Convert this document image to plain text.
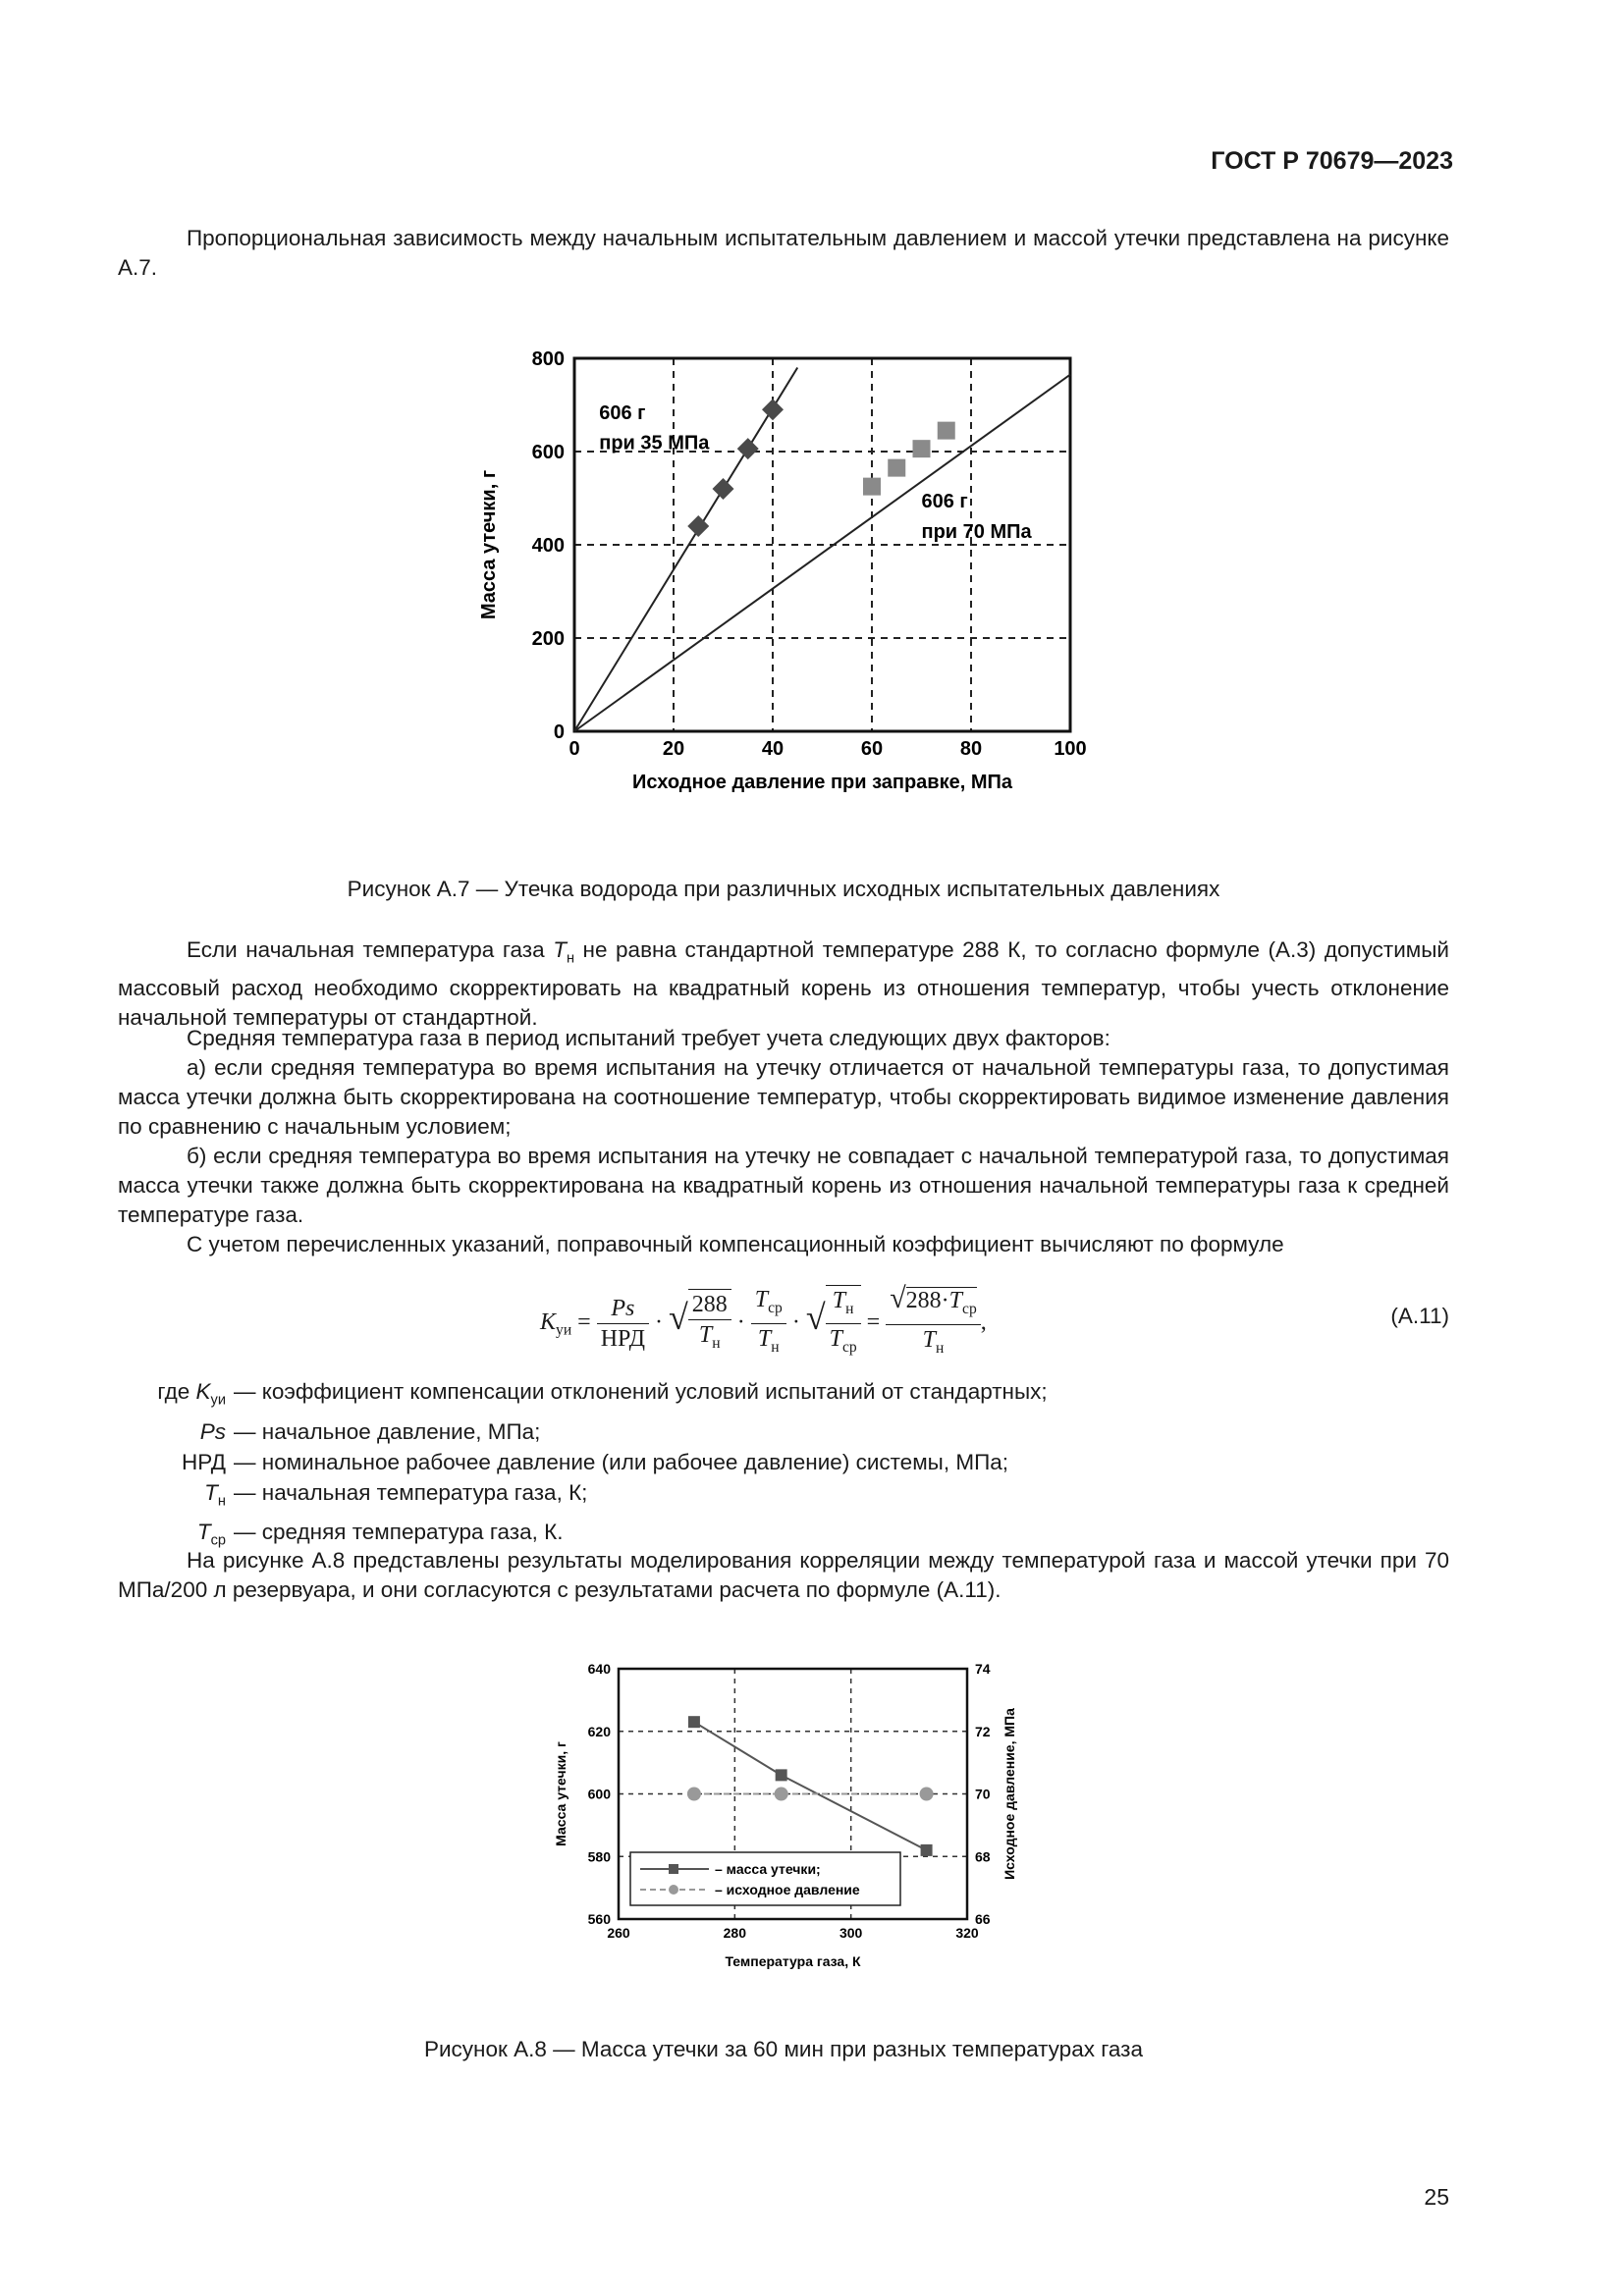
ГОСТ Р 70679—2023
Пропорциональная зависимость между начальным испытательным давлением и массой утечки представлена на рисунке А.7.
0	20	40	60	80	100
0
200
400
600
800
606 г
при 35 МПа
606 г
при 70 МПа
Исходное давление при заправке, МПа
Масса утечки, г
Рисунок А.7 — Утечка водорода при различных исходных испытательных давлениях
Если начальная температура газа $T_н$ не равна стандартной температуре 288 К, то согласно формуле (А.3) допустимый массовый расход необходимо скорректировать на квадратный корень из отношения температур, чтобы учесть отклонение начальной температуры от стандартной.
Средняя температура газа в период испытаний требует учета следующих двух факторов:
а) если средняя температура во время испытания на утечку отличается от начальной температуры газа, то допустимая масса утечки должна быть скорректирована на соотношение температур, чтобы скорректировать видимое изменение давления по сравнению с начальным условием;
б) если средняя температура во время испытания на утечку не совпадает с начальной температурой газа, то допустимая масса утечки также должна быть скорректирована на квадратный корень из отношения начальной температуры газа к средней температуре газа.
С учетом перечисленных указаний, поправочный компенсационный коэффициент вычисляют по формуле
$K_{уи} = \frac{Ps}{\text{НРД}}$ · √ $\frac{288}{T_н} \cdot \frac{T_{ср}}{T_н}$ · √ $\frac{T_н}{T_{ср}} = \frac{√288\cdot T_{ср}}{T_н}$ ,	(А.11)
где $K_{уи}$ —
коэффициент компенсации отклонений условий испытаний от стандартных;
Ps —
начальное давление, МПа;
НРД —
номинальное рабочее давление (или рабочее давление) системы, МПа;
$T_н$ —
начальная температура газа, К;
$T_{ср}$ —
средняя температура газа, К.
На рисунке А.8 представлены результаты моделирования корреляции между температурой газа и массой утечки при 70 МПа/200 л резервуара, и они согласуются с результатами расчета по формуле (А.11).
260	280	300	320
560
580
600
620
640
66
68
70
72
74
– масса утечки;
– исходное давление
Температура газа, К
Масса утечки, г	Исходное давление, МПа
Рисунок А.8 — Масса утечки за 60 мин при разных температурах газа
25
